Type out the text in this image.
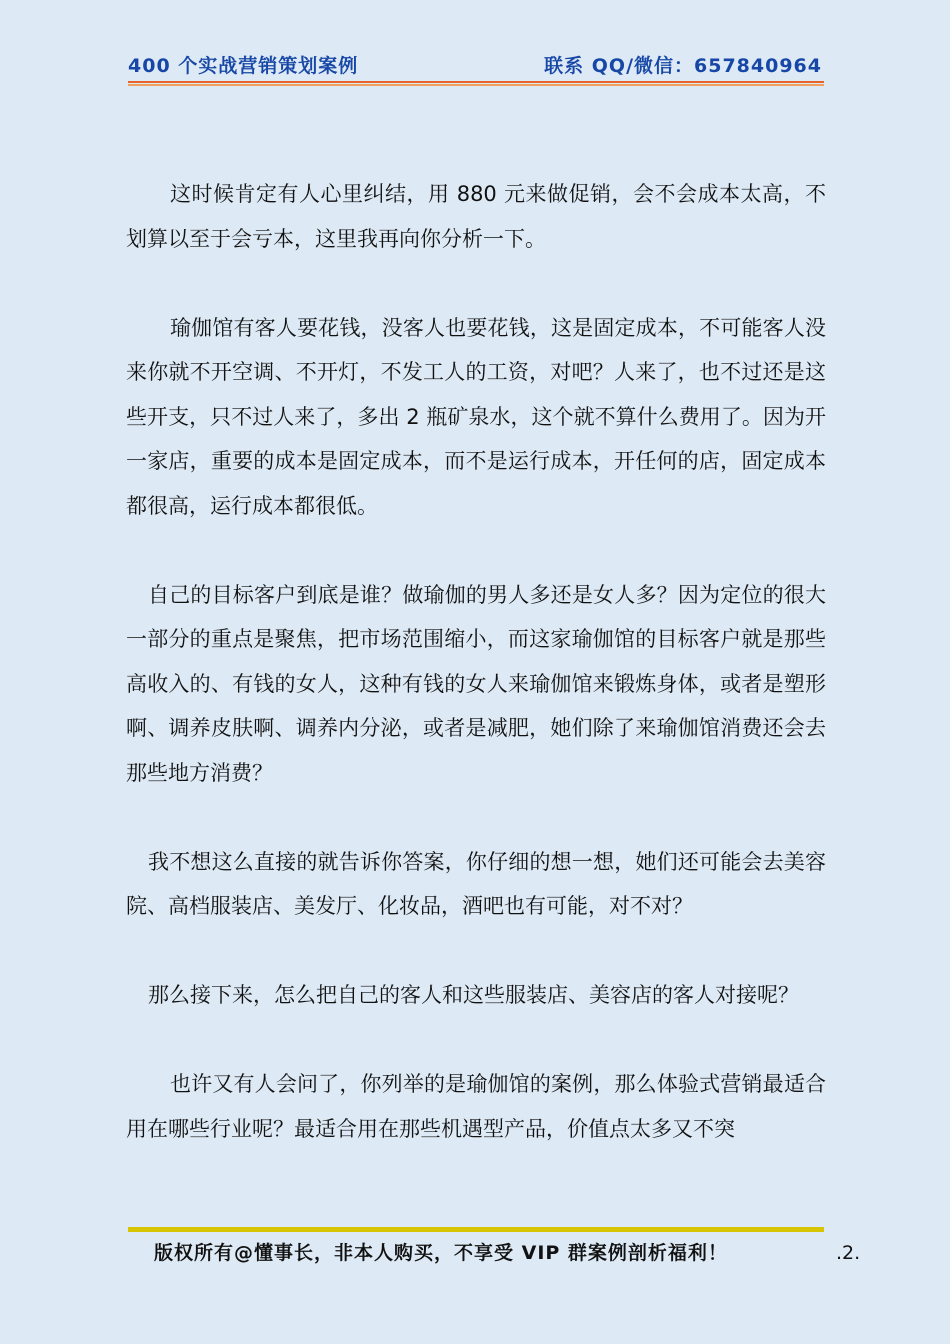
400 个实战营销策划案例	联系 QQ/微信：657840964

这时候肯定有人心里纠结，用 880 元来做促销，会不会成本太高，不划算以至于会亏本，这里我再向你分析一下。

瑜伽馆有客人要花钱，没客人也要花钱，这是固定成本，不可能客人没来你就不开空调、不开灯，不发工人的工资，对吧？人来了，也不过还是这些开支，只不过人来了，多出 2 瓶矿泉水，这个就不算什么费用了。因为开一家店，重要的成本是固定成本，而不是运行成本，开任何的店，固定成本都很高，运行成本都很低。

自己的目标客户到底是谁？做瑜伽的男人多还是女人多？因为定位的很大一部分的重点是聚焦，把市场范围缩小，而这家瑜伽馆的目标客户就是那些高收入的、有钱的女人，这种有钱的女人来瑜伽馆来锻炼身体，或者是塑形啊、调养皮肤啊、调养内分泌，或者是减肥，她们除了来瑜伽馆消费还会去那些地方消费？

我不想这么直接的就告诉你答案，你仔细的想一想，她们还可能会去美容院、高档服装店、美发厅、化妆品，酒吧也有可能，对不对？

那么接下来，怎么把自己的客人和这些服装店、美容店的客人对接呢？

也许又有人会问了，你列举的是瑜伽馆的案例，那么体验式营销最适合用在哪些行业呢？最适合用在那些机遇型产品，价值点太多又不突

版权所有@懂事长，非本人购买，不享受 VIP 群案例剖析福利！	.2.
